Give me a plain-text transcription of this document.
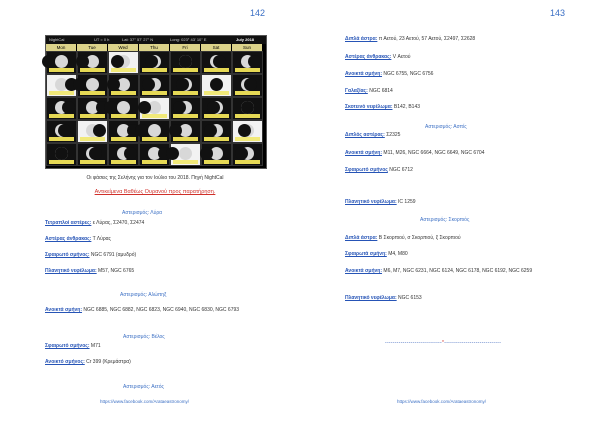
142
NightCal	UT = 0 h	Lat: 37° 57' 27" N	Long: 023° 43' 10" E	July 2018
Mon	Tue	Wed	Thu	Fri	Sat	Sun
Οι φάσεις της Σελήνης για τον Ιούλιο του 2018. Πηγή NightCal
Αντικείμενα Βαθέως Ουρανού προς παρατήρηση.
Αστερισμός: Λύρα
Τετραπλοί αστέρες: ε Λύρας, Σ2470, Σ2474
Αστέρας άνθρακας: Τ Λύρας
Σφαιρωτό σμήνος: NGC 6791 (αμυδρό)
Πλανητικό νεφέλωμα: M57, NGC 6765
Αστερισμός: Αλώπηξ
Ανοικτά σμήνη: NGC 6885, NGC 6882, NGC 6823, NGC 6940, NGC 6830, NGC 6793
Αστερισμός: Βέλος
Σφαιρωτό σμήνος: M71
Ανοικτό σμήνος: Cr 399 (Κρεμάστρα)
Αστερισμός: Αετός
https://www.facebook.com/Arataeastronomy/
143
Διπλά άστρα: π Αετού, 23 Αετού, 57 Αετού, Σ2497, Σ2628
Αστέρας άνθρακας: V Αετού
Ανοικτά σμήνη: NGC 6755, NGC 6756
Γαλαξίας: NGC 6814
Σκοτεινό νεφέλωμα: B142, B143
Αστερισμός: Ασπίς
Διπλός αστέρας: Σ2325
Ανοικτά σμήνη: M11, M26, NGC 6664, NGC 6649, NGC 6704
Σφαιρωτό σμήνος NGC 6712
Πλανητικό νεφέλωμα: IC 1259
Αστερισμός: Σκορπιός
Διπλά άστρα: Β Σκορπιού, σ Σκορπιού, ξ Σκορπιού
Σφαιρωτά σμήνη: M4, M80
Ανοικτά σμήνη: M6, M7, NGC 6231, NGC 6124, NGC 6178, NGC 6192, NGC 6259
Πλανητικό νεφέλωμα: NGC 6153
-----------------------------*-----------------------------
https://www.facebook.com/Arataeastronomy/
